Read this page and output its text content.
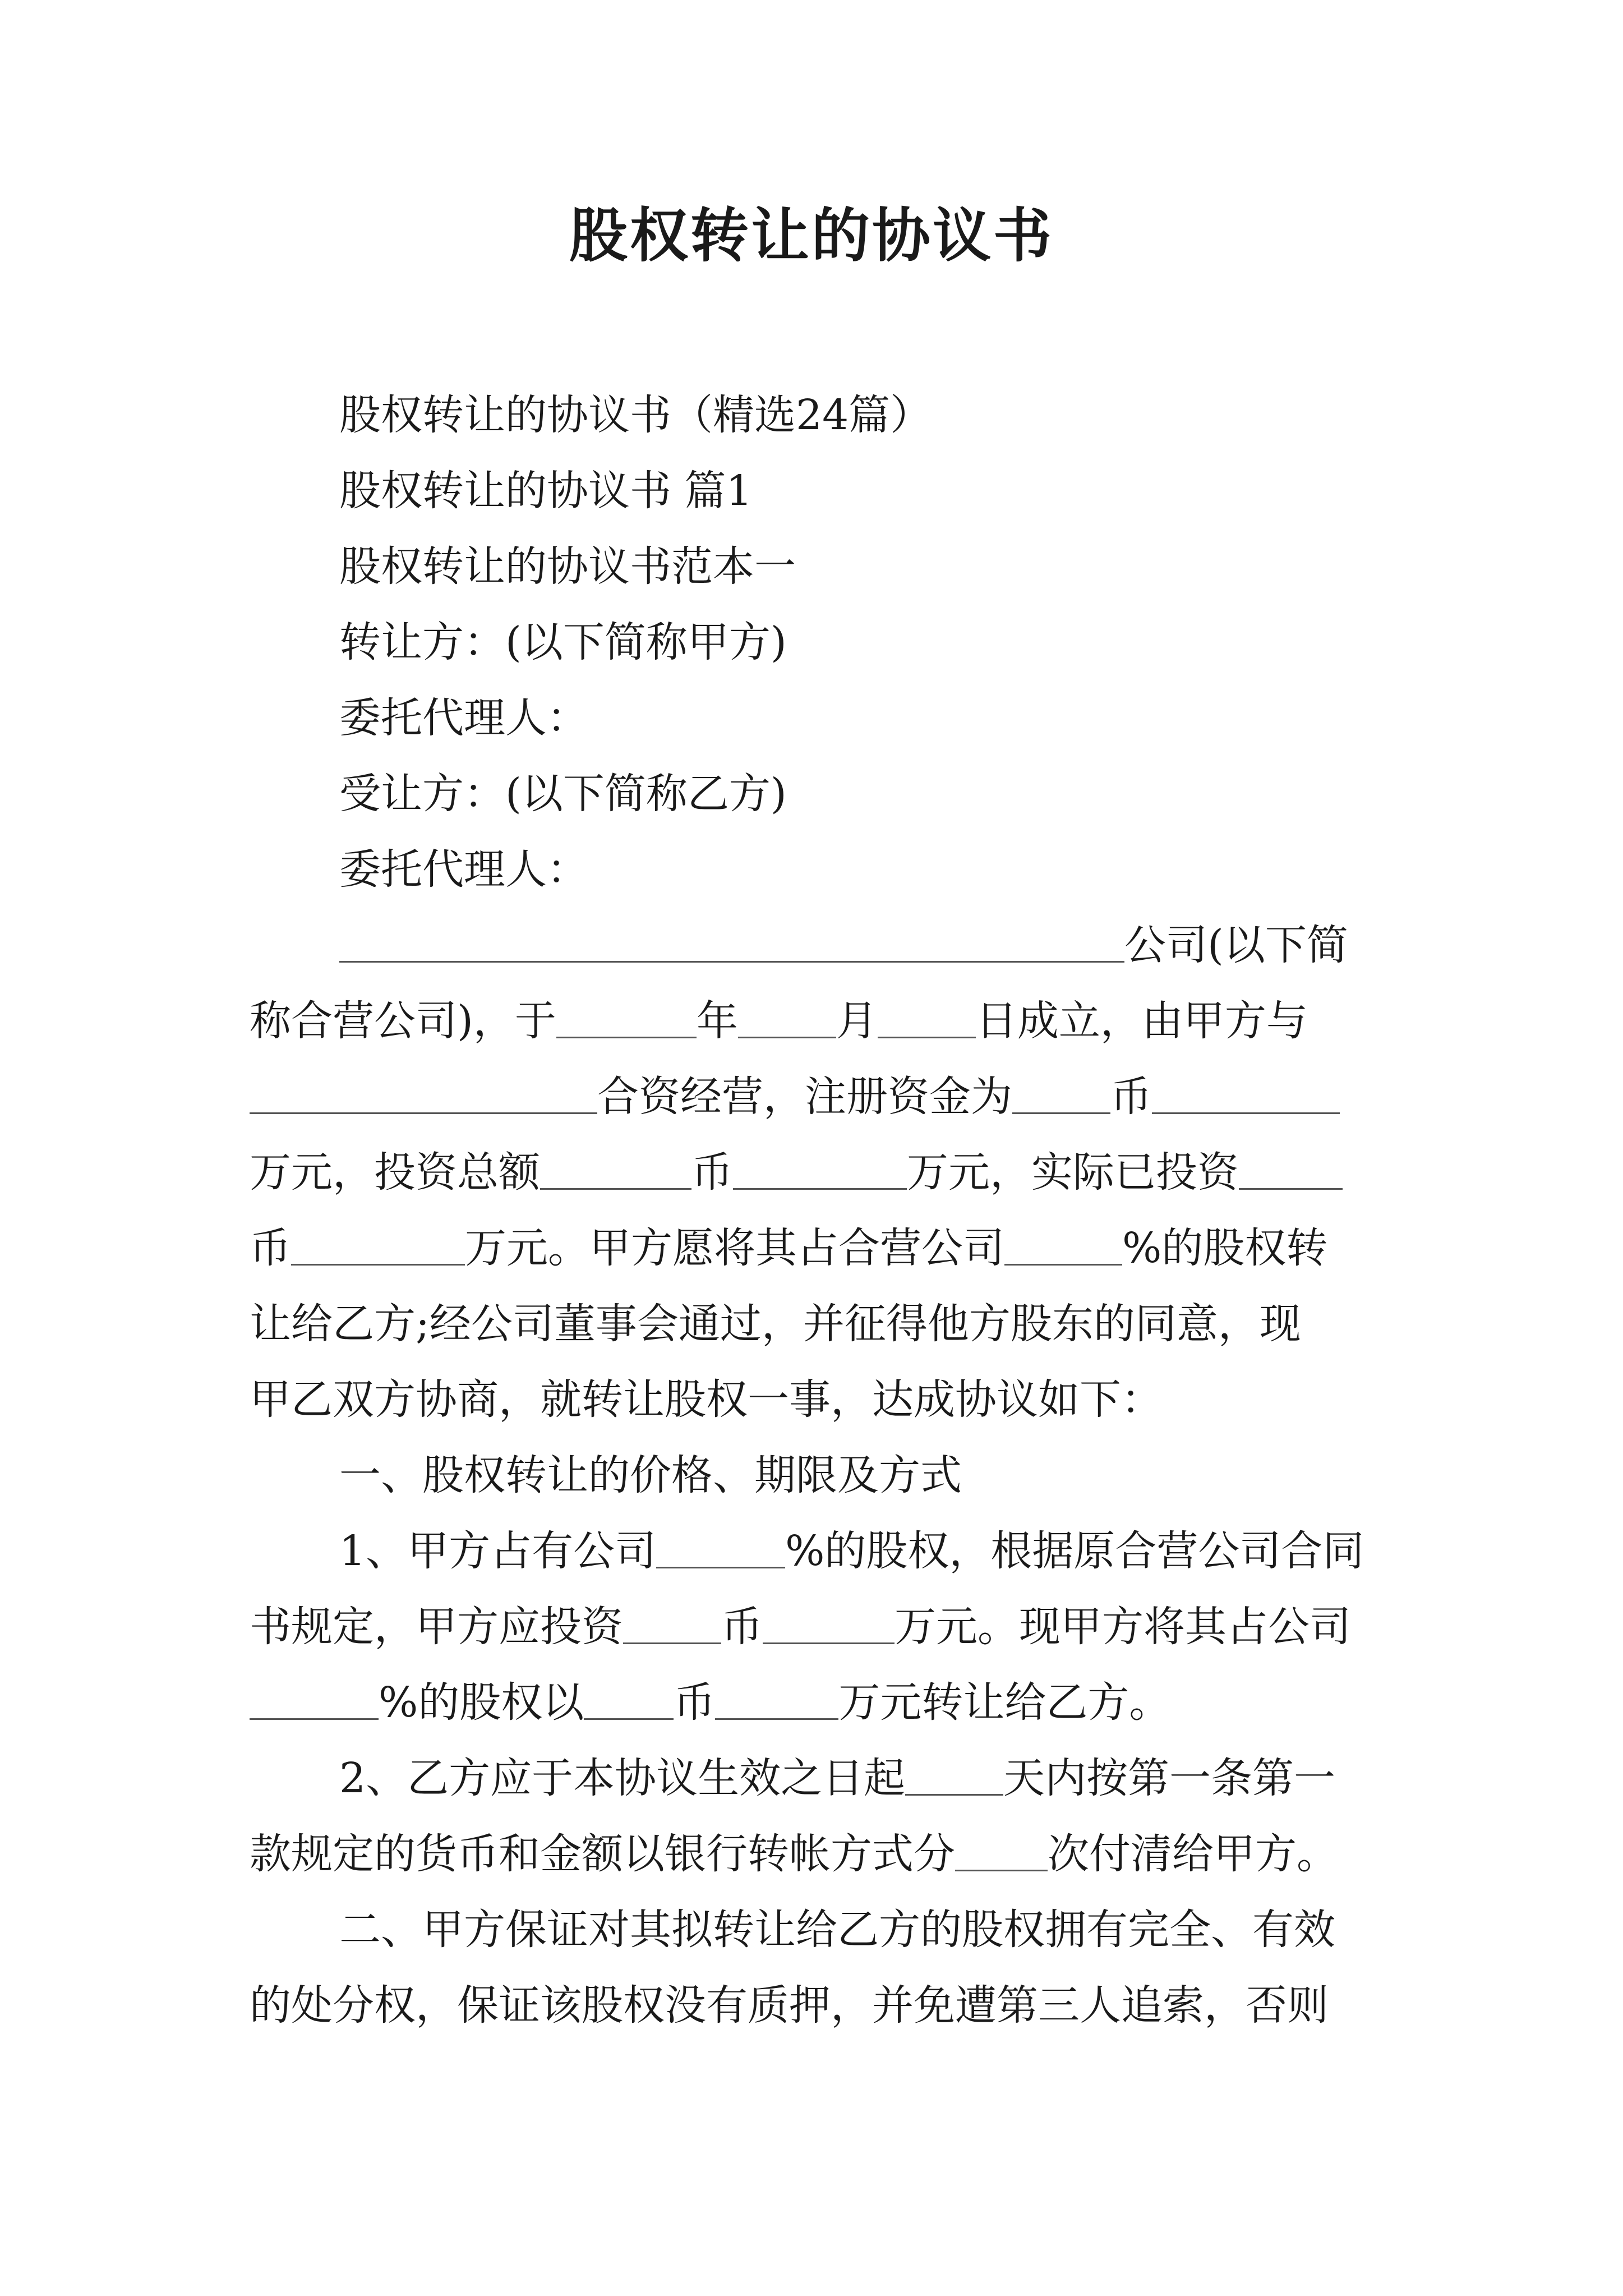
股权转让的协议书
股权转让的协议书（精选24篇）
股权转让的协议书 篇1
股权转让的协议书范本一
转让方：(以下简称甲方)
委托代理人：
受让方：(以下简称乙方)
委托代理人：
公司(以下简
称合营公司)，于	年 月 日成立，由甲方与
合资经营，注册资金为 币
万元，投资总额	币	万元，实际已投资
币	万元。甲方愿将其占合营公司	%的股权转
让给乙方;经公司董事会通过，并征得他方股东的同意，现
甲乙双方协商，就转让股权一事，达成协议如下：
一、股权转让的价格、期限及方式
1、甲方占有公司	%的股权，根据原合营公司合同
书规定，甲方应投资 币	万元。现甲方将其占公司
%的股权以 币	万元转让给乙方。
2、乙方应于本协议生效之日起 天内按第一条第一
款规定的货币和金额以银行转帐方式分 次付清给甲方。
二、甲方保证对其拟转让给乙方的股权拥有完全、有效
的处分权，保证该股权没有质押，并免遭第三人追索，否则
